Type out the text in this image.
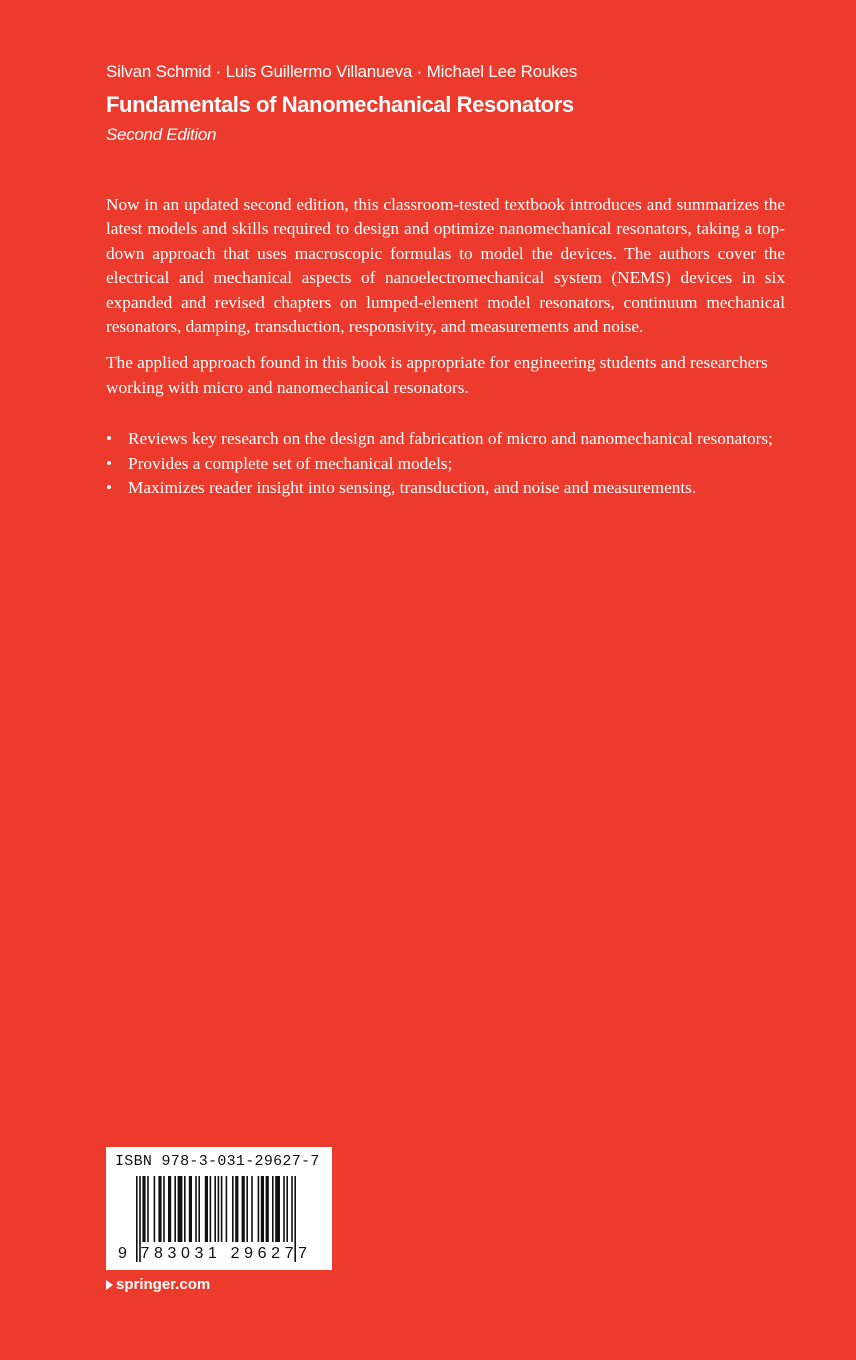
Silvan Schmid · Luis Guillermo Villanueva · Michael Lee Roukes
Fundamentals of Nanomechanical Resonators
Second Edition

Now in an updated second edition, this classroom-tested textbook introduces and summarizes the latest models and skills required to design and optimize nanomechanical resonators, taking a top-down approach that uses macroscopic formulas to model the devices. The authors cover the electrical and mechanical aspects of nanoelectromechanical system (NEMS) devices in six expanded and revised chapters on lumped-element model resonators, continuum mechanical resonators, damping, transduction, responsivity, and measurements and noise.

The applied approach found in this book is appropriate for engineering students and researchers working with micro and nanomechanical resonators.

• Reviews key research on the design and fabrication of micro and nanomechanical resonators;
• Provides a complete set of mechanical models;
• Maximizes reader insight into sensing, transduction, and noise and measurements.
ISBN 978-3-031-29627-7
9 783031 296277
springer.com
